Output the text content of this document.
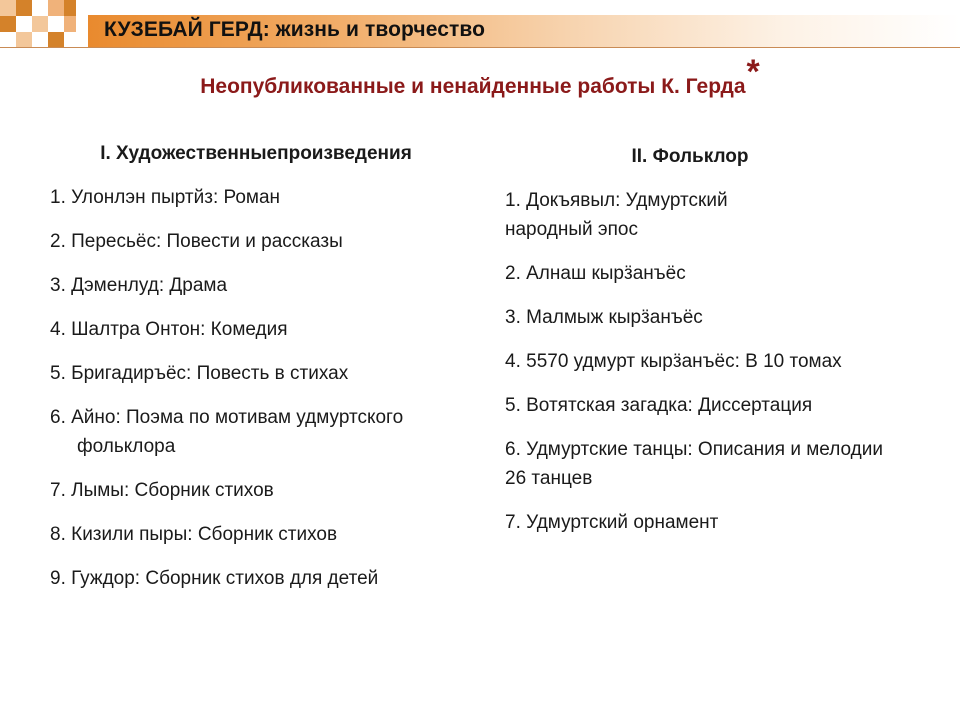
КУЗЕБАЙ ГЕРД: жизнь и творчество
Неопубликованные и ненайденные работы К. Герда*
I. Художественныепроизведения
1. Улонлэн пыртйз: Роман
2. Пересьёс: Повести и рассказы
3. Дэменлуд: Драма
4. Шалтра Онтон: Комедия
5. Бригадиръёс: Повесть в стихах
6. Айно: Поэма по мотивам удмуртского фольклора
7. Лымы: Сборник стихов
8. Кизили пыры: Сборник стихов
9. Гуждор: Сборник стихов для детей
II. Фольклор
1. Докъявыл: Удмуртский народный эпос
2. Алнаш кырӟанъёс
3. Малмыж кырӟанъёс
4. 5570 удмурт кырӟанъёс: В 10 томах
5. Вотятская загадка: Диссертация
6. Удмуртские танцы: Описания и мелодии 26 танцев
7. Удмуртский орнамент
